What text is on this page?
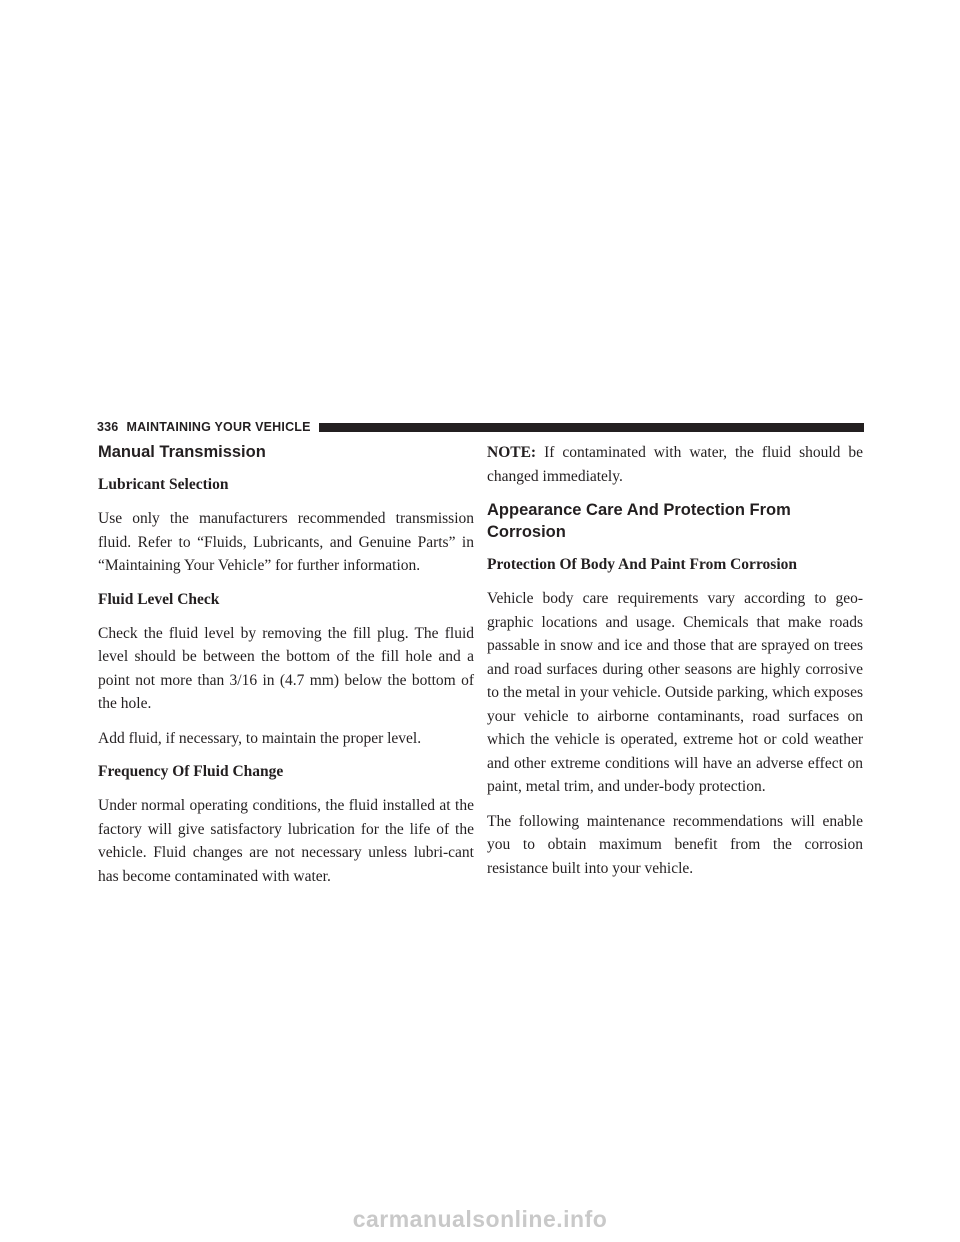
336 MAINTAINING YOUR VEHICLE
Manual Transmission
Lubricant Selection

Use only the manufacturers recommended transmission fluid. Refer to “Fluids, Lubricants, and Genuine Parts” in “Maintaining Your Vehicle” for further information.

Fluid Level Check

Check the fluid level by removing the fill plug. The fluid level should be between the bottom of the fill hole and a point not more than 3/16 in (4.7 mm) below the bottom of the hole.

Add fluid, if necessary, to maintain the proper level.

Frequency Of Fluid Change

Under normal operating conditions, the fluid installed at the factory will give satisfactory lubrication for the life of the vehicle. Fluid changes are not necessary unless lubri-cant has become contaminated with water.

NOTE: If contaminated with water, the fluid should be changed immediately.

Appearance Care And Protection From Corrosion
Protection Of Body And Paint From Corrosion

Vehicle body care requirements vary according to geo-graphic locations and usage. Chemicals that make roads passable in snow and ice and those that are sprayed on trees and road surfaces during other seasons are highly corrosive to the metal in your vehicle. Outside parking, which exposes your vehicle to airborne contaminants, road surfaces on which the vehicle is operated, extreme hot or cold weather and other extreme conditions will have an adverse effect on paint, metal trim, and under-body protection.

The following maintenance recommendations will enable you to obtain maximum benefit from the corrosion resistance built into your vehicle.

carmanualsonline.info
